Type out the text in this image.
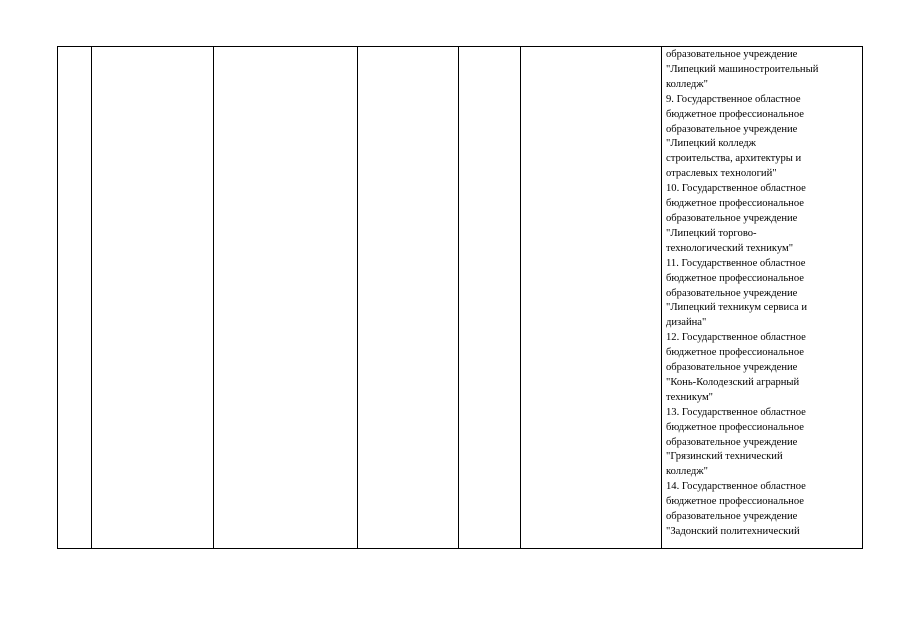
образовательное учреждение
"Липецкий машиностроительный
колледж"
9. Государственное областное
бюджетное профессиональное
образовательное учреждение
"Липецкий колледж
строительства, архитектуры и
отраслевых технологий"
10. Государственное областное
бюджетное профессиональное
образовательное учреждение
"Липецкий торгово-
технологический техникум"
11. Государственное областное
бюджетное профессиональное
образовательное учреждение
"Липецкий техникум сервиса и
дизайна"
12. Государственное областное
бюджетное профессиональное
образовательное учреждение
"Конь-Колодезский аграрный
техникум"
13. Государственное областное
бюджетное профессиональное
образовательное учреждение
"Грязинский технический
колледж"
14. Государственное областное
бюджетное профессиональное
образовательное учреждение
"Задонский политехнический
